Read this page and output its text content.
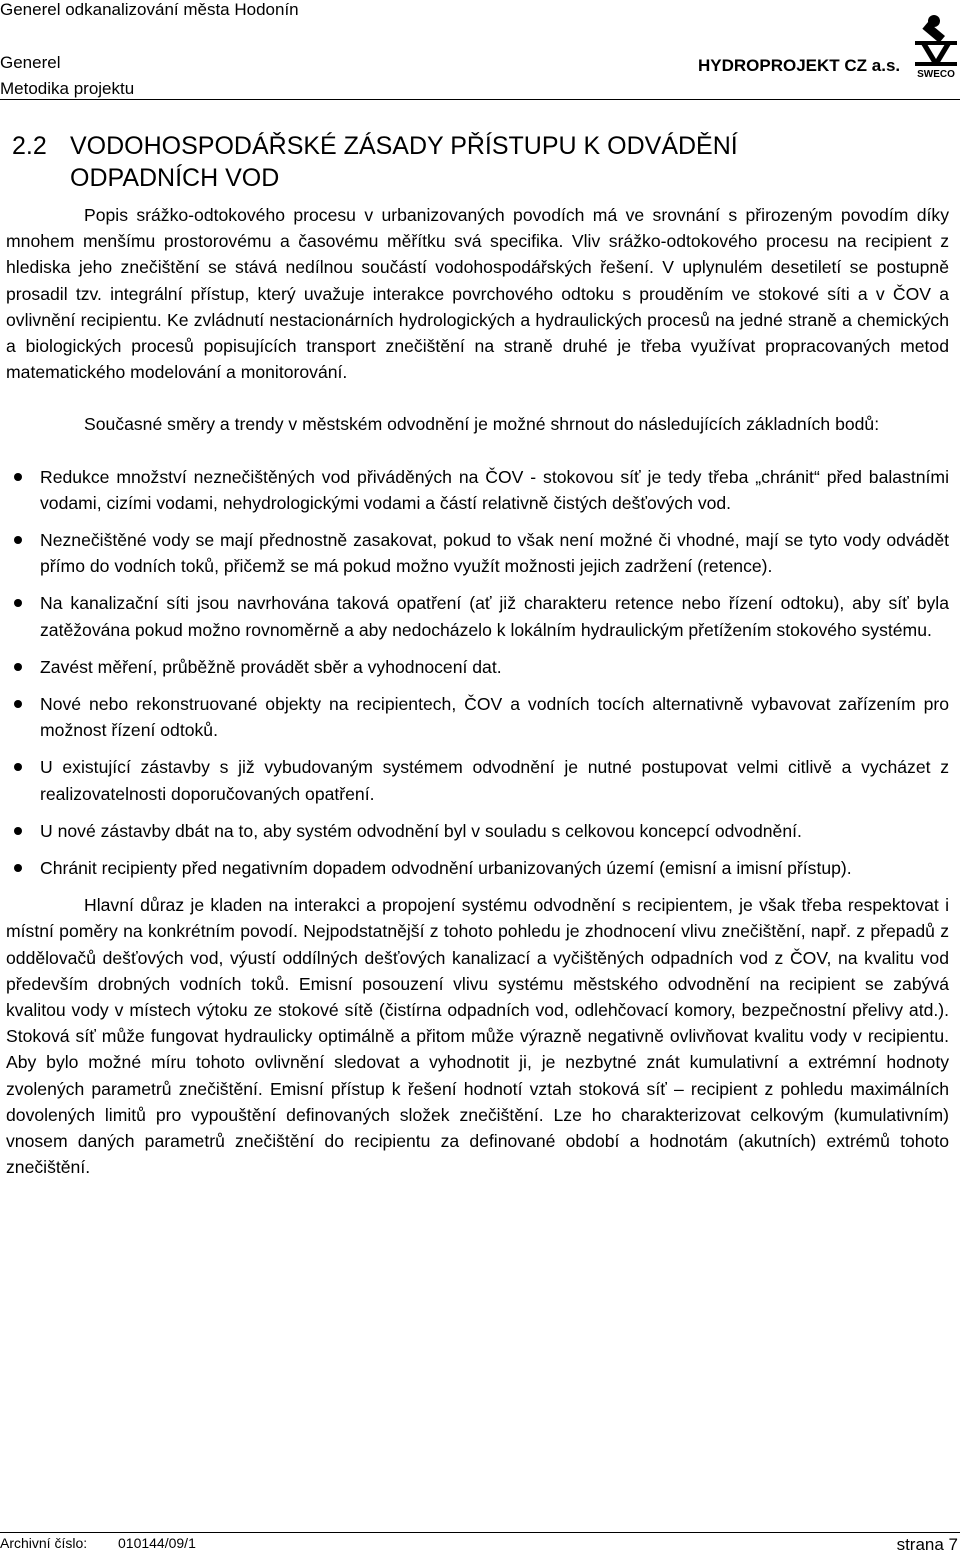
Generel odkanalizování města Hodonín
Generel
Metodika projektu
HYDROPROJEKT CZ a.s. SWECO
2.2 VODOHOSPODÁŘSKÉ ZÁSADY PŘÍSTUPU K ODVÁDĚNÍ
ODPADNÍCH VOD

Popis srážko-odtokového procesu v urbanizovaných povodích má ve srovnání s přirozeným povodím díky mnohem menšímu prostorovému a časovému měřítku svá specifika. Vliv srážko-odtokového procesu na recipient z hlediska jeho znečištění se stává nedílnou součástí vodohospodářských řešení. V uplynulém desetiletí se postupně prosadil tzv. integrální přístup, který uvažuje interakce povrchového odtoku s prouděním ve stokové síti a v ČOV a ovlivnění recipientu. Ke zvládnutí nestacionárních hydrologických a hydraulických procesů na jedné straně a chemických a biologických procesů popisujících transport znečištění na straně druhé je třeba využívat propracovaných metod matematického modelování a monitorování.

Současné směry a trendy v městském odvodnění je možné shrnout do následujících základních bodů:

Redukce množství neznečištěných vod přiváděných na ČOV - stokovou síť je tedy třeba „chránit“ před balastními vodami, cizími vodami, nehydrologickými vodami a částí relativně čistých dešťových vod.
Neznečištěné vody se mají přednostně zasakovat, pokud to však není možné či vhodné, mají se tyto vody odvádět přímo do vodních toků, přičemž se má pokud možno využít možnosti jejich zadržení (retence).
Na kanalizační síti jsou navrhována taková opatření (ať již charakteru retence nebo řízení odtoku), aby síť byla zatěžována pokud možno rovnoměrně a aby nedocházelo k lokálním hydraulickým přetížením stokového systému.
Zavést měření, průběžně provádět sběr a vyhodnocení dat.
Nové nebo rekonstruované objekty na recipientech, ČOV a vodních tocích alternativně vybavovat zařízením pro možnost řízení odtoků.
U existující zástavby s již vybudovaným systémem odvodnění je nutné postupovat velmi citlivě a vycházet z realizovatelnosti doporučovaných opatření.
U nové zástavby dbát na to, aby systém odvodnění byl v souladu s celkovou koncepcí odvodnění.
Chránit recipienty před negativním dopadem odvodnění urbanizovaných území (emisní a imisní přístup).

Hlavní důraz je kladen na interakci a propojení systému odvodnění s recipientem, je však třeba respektovat i místní poměry na konkrétním povodí. Nejpodstatnější z tohoto pohledu je zhodnocení vlivu znečištění, např. z přepadů z oddělovačů dešťových vod, výustí oddílných dešťových kanalizací a vyčištěných odpadních vod z ČOV, na kvalitu vod především drobných vodních toků. Emisní posouzení vlivu systému městského odvodnění na recipient se zabývá kvalitou vody v místech výtoku ze stokové sítě (čistírna odpadních vod, odlehčovací komory, bezpečnostní přelivy atd.). Stoková síť může fungovat hydraulicky optimálně a přitom může výrazně negativně ovlivňovat kvalitu vody v recipientu. Aby bylo možné míru tohoto ovlivnění sledovat a vyhodnotit ji, je nezbytné znát kumulativní a extrémní hodnoty zvolených parametrů znečištění. Emisní přístup k řešení hodnotí vztah stoková síť – recipient z pohledu maximálních dovolených limitů pro vypouštění definovaných složek znečištění. Lze ho charakterizovat celkovým (kumulativním) vnosem daných parametrů znečištění do recipientu za definované období a hodnotám (akutních) extrémů tohoto znečištění.

Archivní číslo: 010144/09/1	strana 7
